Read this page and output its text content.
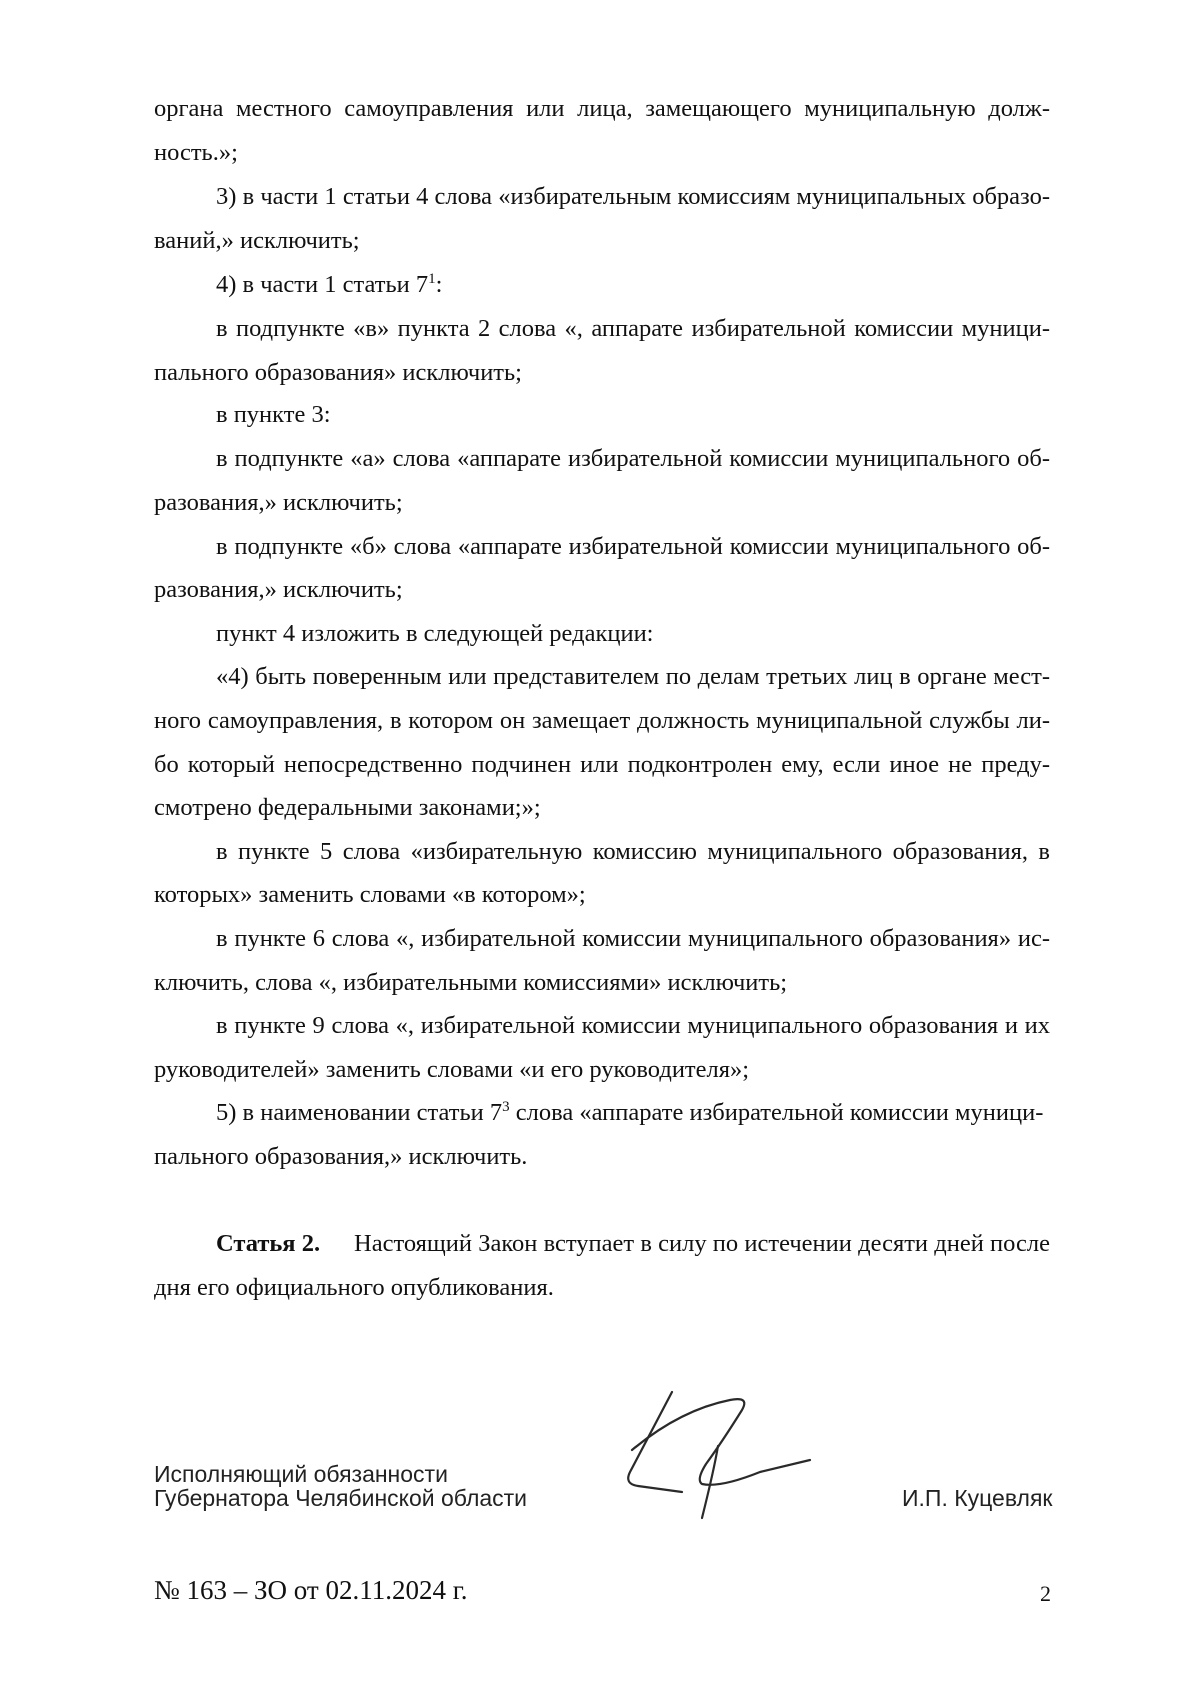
органа местного самоуправления или лица, замещающего муниципальную долж-
ность.»;
3) в части 1 статьи 4 слова «избирательным комиссиям муниципальных образо-
ваний,» исключить;
4) в части 1 статьи $7^1$:
в подпункте «в» пункта 2 слова «, аппарате избирательной комиссии муници-
пального образования» исключить;
в пункте 3:
в подпункте «а» слова «аппарате избирательной комиссии муниципального об-
разования,» исключить;
в подпункте «б» слова «аппарате избирательной комиссии муниципального об-
разования,» исключить;
пункт 4 изложить в следующей редакции:
«4) быть поверенным или представителем по делам третьих лиц в органе мест-
ного самоуправления, в котором он замещает должность муниципальной службы ли-
бо который непосредственно подчинен или подконтролен ему, если иное не преду-
смотрено федеральными законами;»;
в пункте 5 слова «избирательную комиссию муниципального образования, в
которых» заменить словами «в котором»;
в пункте 6 слова «, избирательной комиссии муниципального образования» ис-
ключить, слова «, избирательными комиссиями» исключить;
в пункте 9 слова «, избирательной комиссии муниципального образования и их
руководителей» заменить словами «и его руководителя»;
5) в наименовании статьи $7^3$ слова «аппарате избирательной комиссии муници-
пального образования,» исключить.
Статья 2. Настоящий Закон вступает в силу по истечении десяти дней после
дня его официального опубликования.
Исполняющий обязанности
Губернатора Челябинской области	И.П. Куцевляк
№ 163 – ЗО от 02.11.2024 г.	2
